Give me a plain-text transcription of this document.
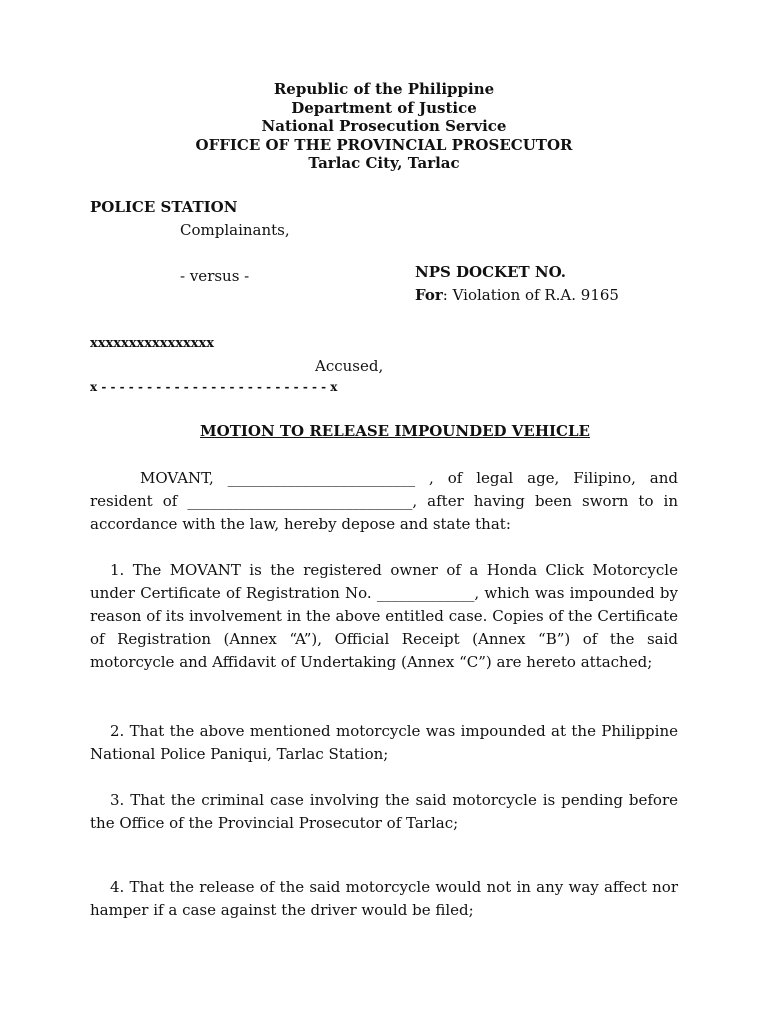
Republic of the Philippine
Department of Justice
National Prosecution Service
OFFICE OF THE PROVINCIAL PROSECUTOR
Tarlac City, Tarlac
POLICE STATION
Complainants,
- versus -	NPS DOCKET NO.
For: Violation of R.A. 9165
xxxxxxxxxxxxxxxx
Accused,
x - - - - - - - - - - - - - - - - - - - - - - - - - x
MOTION TO RELEASE IMPOUNDED VEHICLE

MOVANT, _________________________ , of legal age, Filipino, and resident of ______________________________, after having been sworn to in accordance with the law, hereby depose and state that:

1. The MOVANT is the registered owner of a Honda Click Motorcycle under Certificate of Registration No. _____________, which was impounded by reason of its involvement in the above entitled case. Copies of the Certificate of Registration (Annex “A”), Official Receipt (Annex “B”) of the said motorcycle and Affidavit of Undertaking (Annex “C”) are hereto attached;

2. That the above mentioned motorcycle was impounded at the Philippine National Police Paniqui, Tarlac Station;

3. That the criminal case involving the said motorcycle is pending before the Office of the Provincial Prosecutor of Tarlac;

4. That the release of the said motorcycle would not in any way affect nor hamper if a case against the driver would be filed;
